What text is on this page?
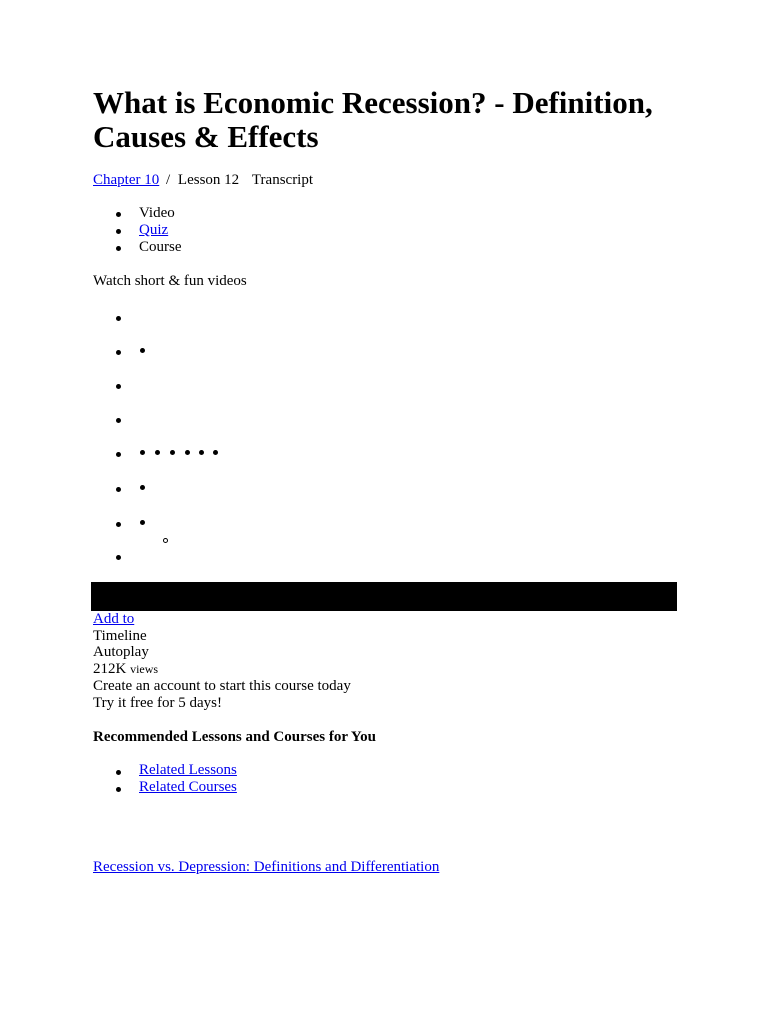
What is Economic Recession? - Definition, Causes & Effects
Chapter 10 / Lesson 12 Transcript
Video
Quiz
Course
Watch short & fun videos
Add to
Timeline
Autoplay
212K views
Create an account to start this course today
Try it free for 5 days!
Recommended Lessons and Courses for You
Related Lessons
Related Courses
Recession vs. Depression: Definitions and Differentiation
